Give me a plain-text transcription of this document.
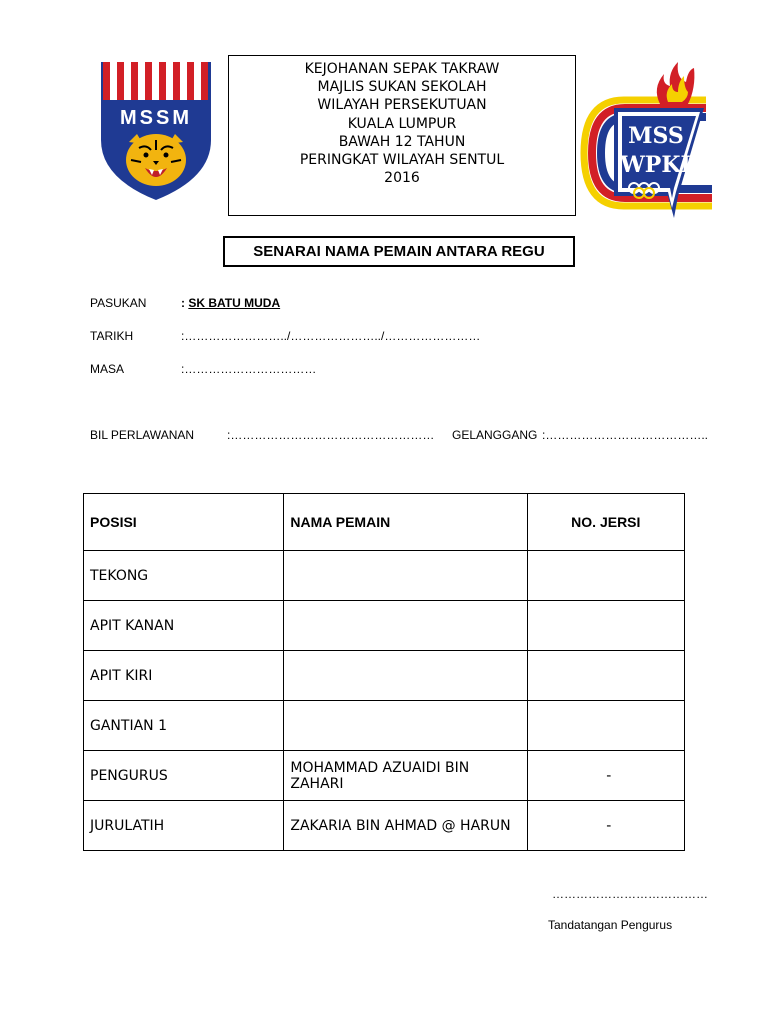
MSSM
KEJOHANAN SEPAK TAKRAW
MAJLIS SUKAN SEKOLAH
WILAYAH PERSEKUTUAN
KUALA LUMPUR
BAWAH 12 TAHUN
PERINGKAT WILAYAH SENTUL
2016
MSS
WPKL
SENARAI NAMA PEMAIN ANTARA REGU
PASUKAN	: SK BATU MUDA
TARIKH	:……………………../…………………../……………………
MASA	:……………………………
BIL PERLAWANAN	:…………………………………………… GELANGGANG :…………………………………..
POSISI	NAMA PEMAIN	NO. JERSI
TEKONG		
APIT KANAN		
APIT KIRI		
GANTIAN 1		
PENGURUS	MOHAMMAD AZUAIDI BIN ZAHARI	-
JURULATIH	ZAKARIA BIN AHMAD @ HARUN	-
…………………………………
Tandatangan Pengurus
